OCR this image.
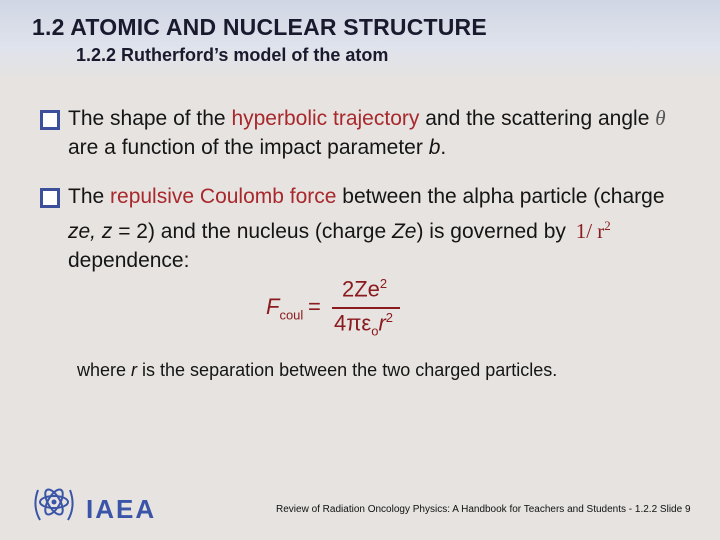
1.2 ATOMIC AND NUCLEAR STRUCTURE
1.2.2 Rutherford’s model of the atom
The shape of the hyperbolic trajectory and the scattering angle θ are a function of the impact parameter b.
The repulsive Coulomb force between the alpha particle (charge ze, z = 2) and the nucleus (charge Ze) is governed by 1/ $r^2$ dependence:
$F_{coul}$ =
$2Ze^2$
$4\pi\varepsilon_or^2$
where r is the separation between the two charged particles.
IAEA	Review of Radiation Oncology Physics: A Handbook for Teachers and Students - 1.2.2 Slide 9
